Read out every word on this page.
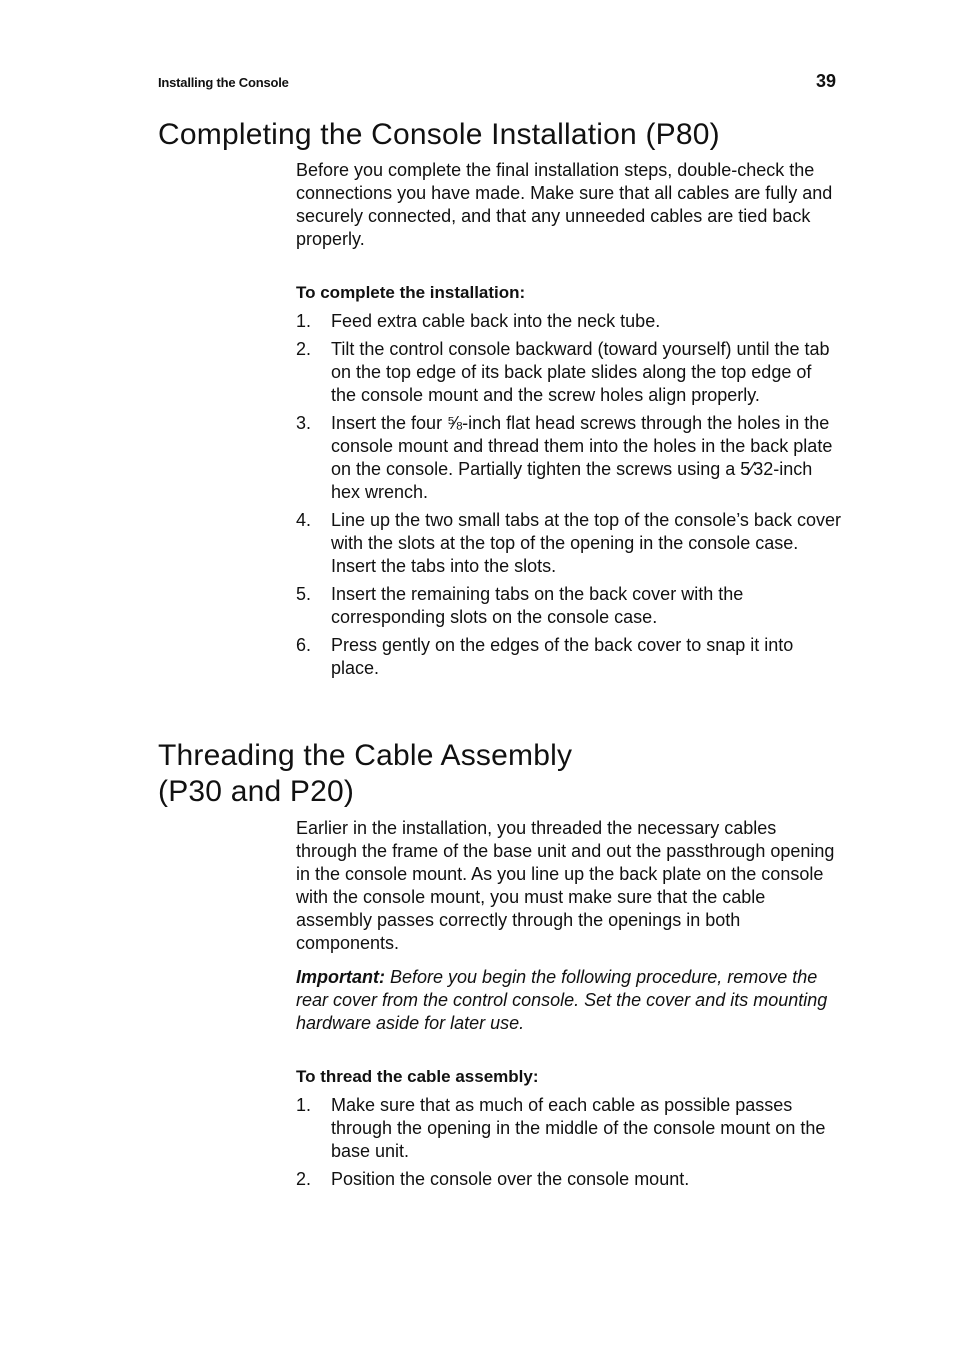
Installing the Console	39
Completing the Console Installation (P80)

Before you complete the final installation steps, double-check the connections you have made. Make sure that all cables are fully and securely connected, and that any unneeded cables are tied back properly.

To complete the installation:

1. Feed extra cable back into the neck tube.
2. Tilt the control console backward (toward yourself) until the tab on the top edge of its back plate slides along the top edge of the console mount and the screw holes align properly.
3. Insert the four ⅝-inch flat head screws through the holes in the console mount and thread them into the holes in the back plate on the console. Partially tighten the screws using a 5⁄32-inch hex wrench.
4. Line up the two small tabs at the top of the console’s back cover with the slots at the top of the opening in the console case. Insert the tabs into the slots.
5. Insert the remaining tabs on the back cover with the corresponding slots on the console case.
6. Press gently on the edges of the back cover to snap it into place.
Threading the Cable Assembly
(P30 and P20)

Earlier in the installation, you threaded the necessary cables through the frame of the base unit and out the passthrough opening in the console mount. As you line up the back plate on the console with the console mount, you must make sure that the cable assembly passes correctly through the openings in both components.

Important: Before you begin the following procedure, remove the rear cover from the control console. Set the cover and its mounting hardware aside for later use.

To thread the cable assembly:

1. Make sure that as much of each cable as possible passes through the opening in the middle of the console mount on the base unit.
2. Position the console over the console mount.
